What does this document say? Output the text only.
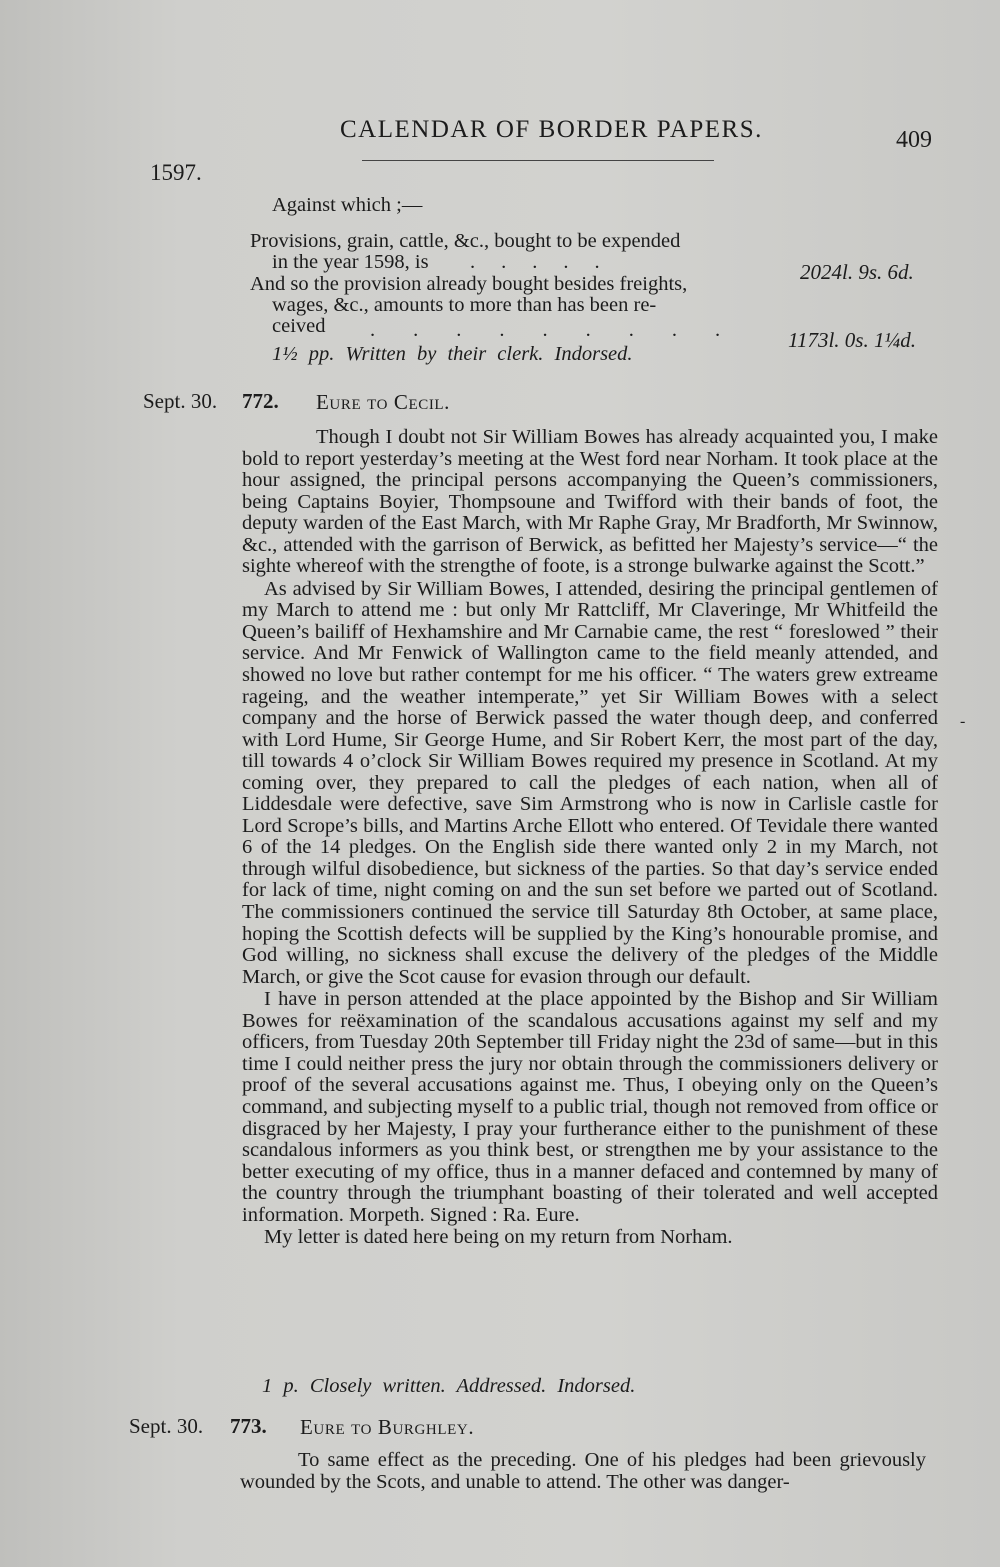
CALENDAR OF BORDER PAPERS.	409
1597.
Against which ;—
Provisions, grain, cattle, &c., bought to be expended
in the year 1598, is .....	2024l. 9s. 6d.
And so the provision already bought besides freights,
wages, &c., amounts to more than has been re-
ceived ......... 1173l. 0s. 1¼d.
1½ pp. Written by their clerk. Indorsed.
Sept. 30. 772. Eure to Cecil.

Though I doubt not Sir William Bowes has already acquainted you, I make bold to report yesterday’s meeting at the West ford near Norham. It took place at the hour assigned, the principal persons accompanying the Queen’s commissioners, being Captains Boyier, Thompsoune and Twifford with their bands of foot, the deputy warden of the East March, with Mr Raphe Gray, Mr Bradforth, Mr Swinnow, &c., attended with the garrison of Berwick, as befitted her Majesty’s service—“ the sighte whereof with the strengthe of foote, is a stronge bulwarke against the Scott.”

As advised by Sir William Bowes, I attended, desiring the principal gentlemen of my March to attend me : but only Mr Rattcliff, Mr Claveringe, Mr Whitfeild the Queen’s bailiff of Hexhamshire and Mr Carnabie came, the rest “ foreslowed ” their service. And Mr Fenwick of Wallington came to the field meanly attended, and showed no love but rather contempt for me his officer. “ The waters grew extreame rageing, and the weather intemperate,” yet Sir William Bowes with a select company and the horse of Berwick passed the water though deep, and conferred with Lord Hume, Sir George Hume, and Sir Robert Kerr, the most part of the day, till towards 4 o’clock Sir William Bowes required my presence in Scotland. At my coming over, they prepared to call the pledges of each nation, when all of Liddesdale were defective, save Sim Armstrong who is now in Carlisle castle for Lord Scrope’s bills, and Martins Arche Ellott who entered. Of Tevidale there wanted 6 of the 14 pledges. On the English side there wanted only 2 in my March, not through wilful disobedience, but sickness of the parties. So that day’s service ended for lack of time, night coming on and the sun set before we parted out of Scotland. The commissioners continued the service till Saturday 8th October, at same place, hoping the Scottish defects will be supplied by the King’s honourable promise, and God willing, no sickness shall excuse the delivery of the pledges of the Middle March, or give the Scot cause for evasion through our default.

I have in person attended at the place appointed by the Bishop and Sir William Bowes for reëxamination of the scandalous accusations against my self and my officers, from Tuesday 20th September till Friday night the 23d of same—but in this time I could neither press the jury nor obtain through the commissioners delivery or proof of the several accusations against me. Thus, I obeying only on the Queen’s command, and subjecting myself to a public trial, though not removed from office or disgraced by her Majesty, I pray your furtherance either to the punishment of these scandalous informers as you think best, or strengthen me by your assistance to the better executing of my office, thus in a manner defaced and contemned by many of the country through the triumphant boasting of their tolerated and well accepted information. Morpeth. Signed : Ra. Eure.

My letter is dated here being on my return from Norham.

1 p. Closely written. Addressed. Indorsed.
Sept. 30. 773. Eure to Burghley.

To same effect as the preceding. One of his pledges had been grievously wounded by the Scots, and unable to attend. The other was danger-

-
